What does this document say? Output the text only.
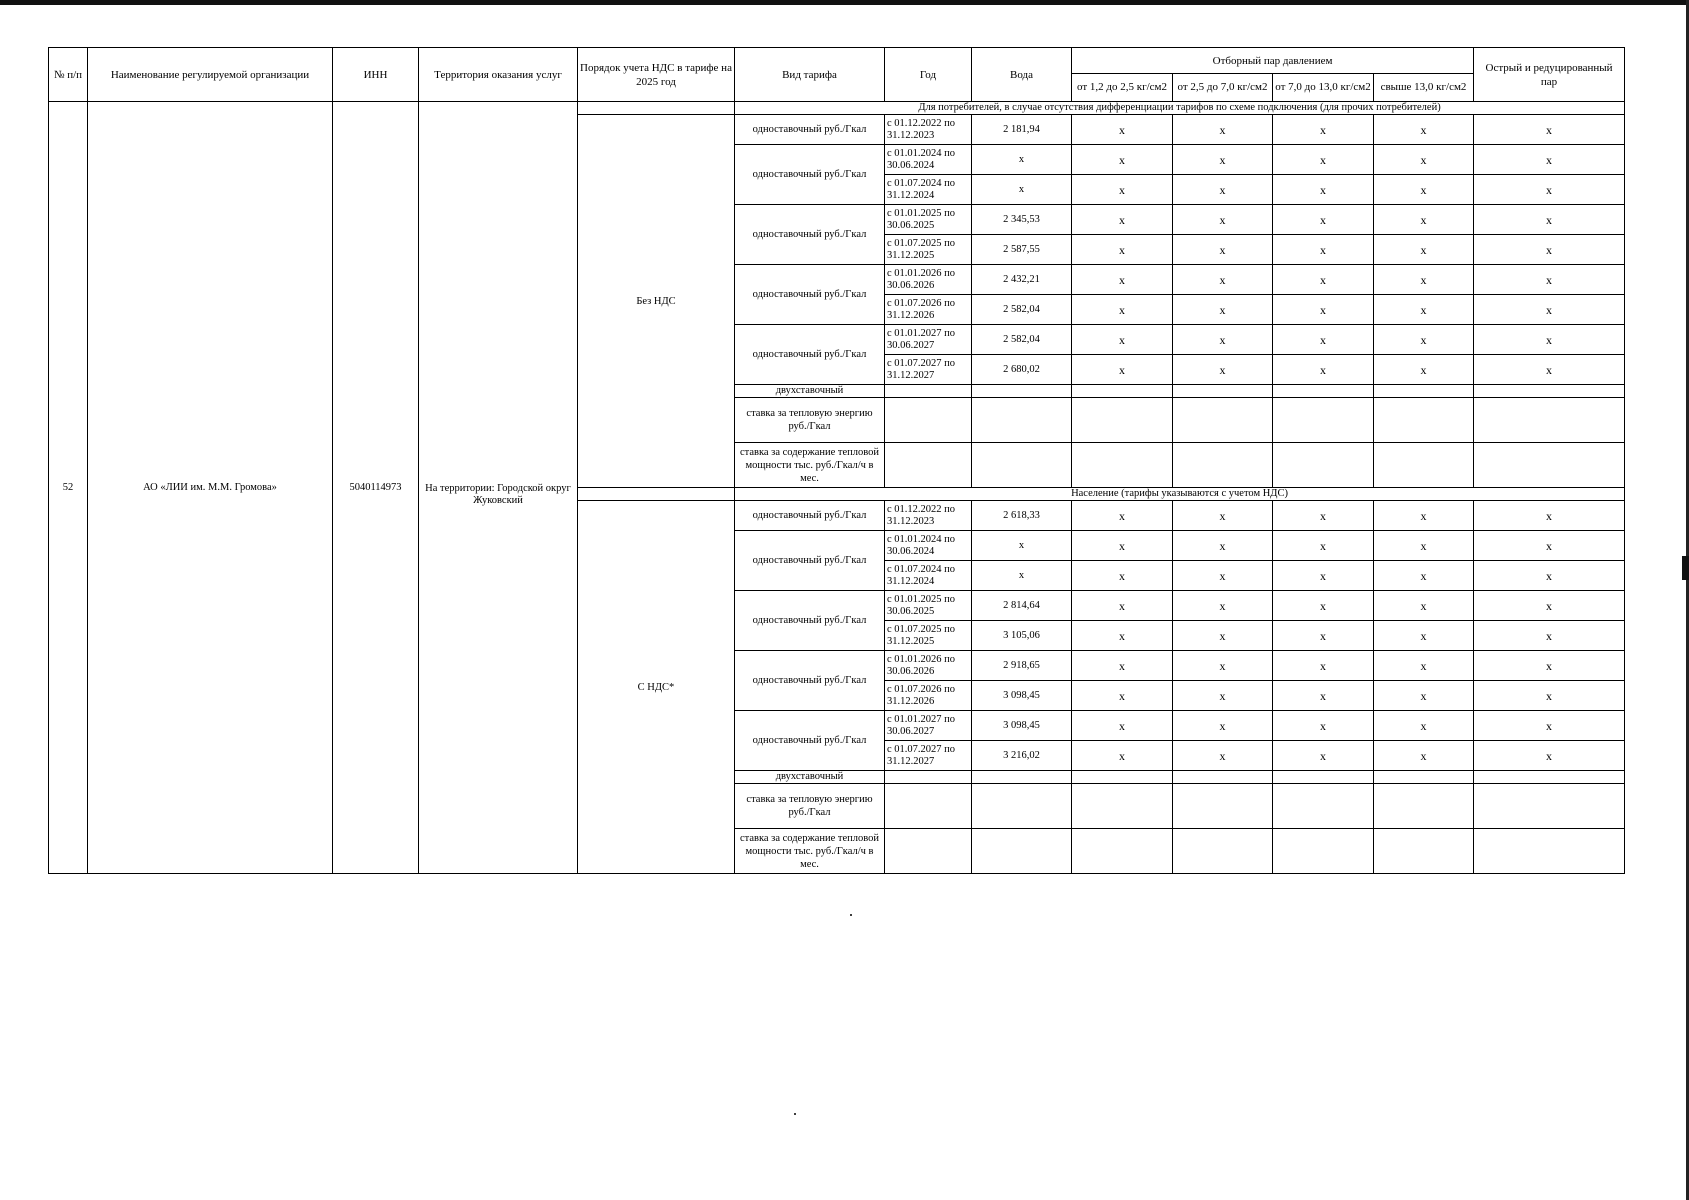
№ п/п	Наименование регулируемой организации	ИНН	Территория оказания услуг	Порядок учета НДС в тарифе на 2025 год	Вид тарифа	Год	Вода	Отборный пар давлением				Острый и редуцированный пар
								от 1,2 до 2,5 кг/см2	от 2,5 до 7,0 кг/см2	от 7,0 до 13,0 кг/см2	свыше 13,0 кг/см2	
52	АО «ЛИИ им. М.М. Громова»	5040114973	На территории: Городской округ Жуковский		Для потребителей, в случае отсутствия дифференциации тарифов по схеме подключения (для прочих потребителей)							
				Без НДС	одноставочный руб./Гкал	с 01.12.2022 по 31.12.2023	2 181,94	х	х	х	х	х
					одноставочный руб./Гкал	с 01.01.2024 по 30.06.2024	х	х	х	х	х	х
						с 01.07.2024 по 31.12.2024	х	х	х	х	х	х
					одноставочный руб./Гкал	с 01.01.2025 по 30.06.2025	2 345,53	х	х	х	х	х
						с 01.07.2025 по 31.12.2025	2 587,55	х	х	х	х	х
					одноставочный руб./Гкал	с 01.01.2026 по 30.06.2026	2 432,21	х	х	х	х	х
						с 01.07.2026 по 31.12.2026	2 582,04	х	х	х	х	х
					одноставочный руб./Гкал	с 01.01.2027 по 30.06.2027	2 582,04	х	х	х	х	х
						с 01.07.2027 по 31.12.2027	2 680,02	х	х	х	х	х
					двухставочный							
					ставка за тепловую энергию руб./Гкал							
					ставка за содержание тепловой мощности тыс. руб./Гкал/ч в мес.							
					Население (тарифы указываются с учетом НДС)							
				С НДС*	одноставочный руб./Гкал	с 01.12.2022 по 31.12.2023	2 618,33	х	х	х	х	х
					одноставочный руб./Гкал	с 01.01.2024 по 30.06.2024	х	х	х	х	х	х
						с 01.07.2024 по 31.12.2024	х	х	х	х	х	х
					одноставочный руб./Гкал	с 01.01.2025 по 30.06.2025	2 814,64	х	х	х	х	х
						с 01.07.2025 по 31.12.2025	3 105,06	х	х	х	х	х
					одноставочный руб./Гкал	с 01.01.2026 по 30.06.2026	2 918,65	х	х	х	х	х
						с 01.07.2026 по 31.12.2026	3 098,45	х	х	х	х	х
					одноставочный руб./Гкал	с 01.01.2027 по 30.06.2027	3 098,45	х	х	х	х	х
						с 01.07.2027 по 31.12.2027	3 216,02	х	х	х	х	х
					двухставочный							
					ставка за тепловую энергию руб./Гкал							
					ставка за содержание тепловой мощности тыс. руб./Гкал/ч в мес.							
